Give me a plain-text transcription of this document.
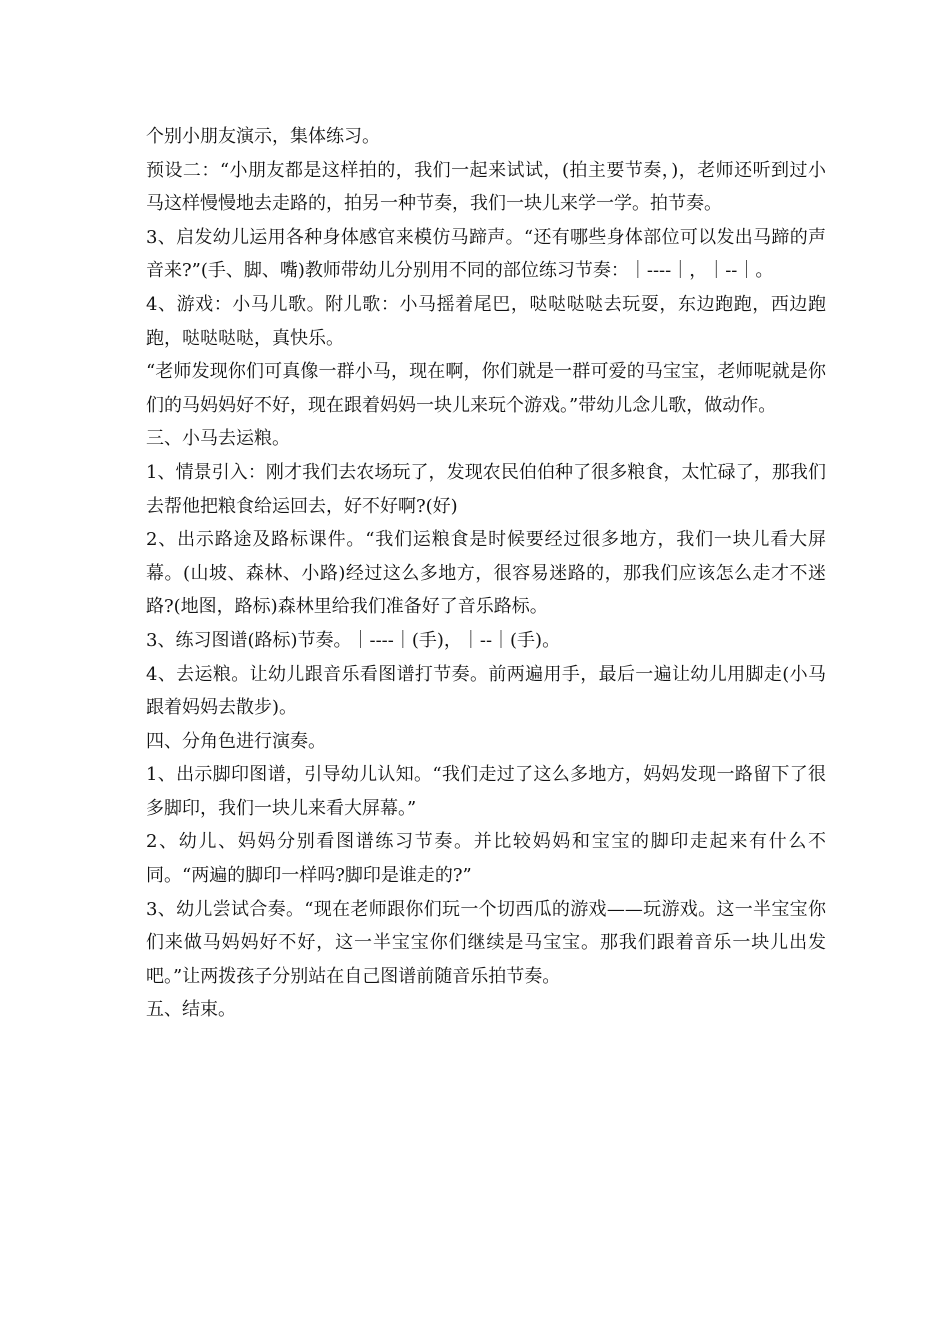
个别小朋友演示，集体练习。

预设二：“小朋友都是这样拍的，我们一起来试试，(拍主要节奏，)，老师还听到过小马这样慢慢地去走路的，拍另一种节奏，我们一块儿来学一学。拍节奏。

3、启发幼儿运用各种身体感官来模仿马蹄声。“还有哪些身体部位可以发出马蹄的声音来?”(手、脚、嘴)教师带幼儿分别用不同的部位练习节奏：｜----｜，｜--｜。

4、游戏：小马儿歌。附儿歌：小马摇着尾巴，哒哒哒哒去玩耍，东边跑跑，西边跑跑，哒哒哒哒，真快乐。

“老师发现你们可真像一群小马，现在啊，你们就是一群可爱的马宝宝，老师呢就是你们的马妈妈好不好，现在跟着妈妈一块儿来玩个游戏。”带幼儿念儿歌，做动作。

三、小马去运粮。

1、情景引入：刚才我们去农场玩了，发现农民伯伯种了很多粮食，太忙碌了，那我们去帮他把粮食给运回去，好不好啊?(好)

2、出示路途及路标课件。“我们运粮食是时候要经过很多地方，我们一块儿看大屏幕。(山坡、森林、小路)经过这么多地方，很容易迷路的，那我们应该怎么走才不迷路?(地图，路标)森林里给我们准备好了音乐路标。

3、练习图谱(路标)节奏。｜----｜(手)，｜--｜(手)。

4、去运粮。让幼儿跟音乐看图谱打节奏。前两遍用手，最后一遍让幼儿用脚走(小马跟着妈妈去散步)。

四、分角色进行演奏。

1、出示脚印图谱，引导幼儿认知。“我们走过了这么多地方，妈妈发现一路留下了很多脚印，我们一块儿来看大屏幕。”

2、幼儿、妈妈分别看图谱练习节奏。并比较妈妈和宝宝的脚印走起来有什么不同。“两遍的脚印一样吗?脚印是谁走的?”

3、幼儿尝试合奏。“现在老师跟你们玩一个切西瓜的游戏——玩游戏。这一半宝宝你们来做马妈妈好不好，这一半宝宝你们继续是马宝宝。那我们跟着音乐一块儿出发吧。”让两拨孩子分别站在自己图谱前随音乐拍节奏。

五、结束。
